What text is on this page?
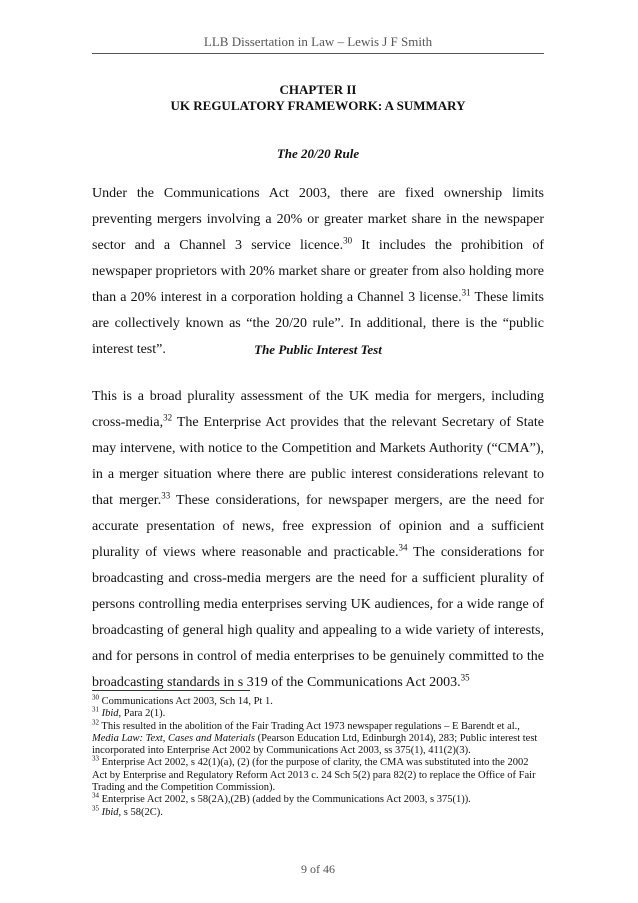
LLB Dissertation in Law – Lewis J F Smith
CHAPTER II
UK REGULATORY FRAMEWORK: A SUMMARY
The 20/20 Rule

Under the Communications Act 2003, there are fixed ownership limits preventing mergers involving a 20% or greater market share in the newspaper sector and a Channel 3 service licence.$^{30}$ It includes the prohibition of newspaper proprietors with 20% market share or greater from also holding more than a 20% interest in a corporation holding a Channel 3 license.$^{31}$ These limits are collectively known as “the 20/20 rule”. In additional, there is the “public interest test”.	The Public Interest Test

This is a broad plurality assessment of the UK media for mergers, including cross-media,$^{32}$ The Enterprise Act provides that the relevant Secretary of State may intervene, with notice to the Competition and Markets Authority (“CMA”), in a merger situation where there are public interest considerations relevant to that merger.$^{33}$ These considerations, for newspaper mergers, are the need for accurate presentation of news, free expression of opinion and a sufficient plurality of views where reasonable and practicable.$^{34}$ The considerations for broadcasting and cross-media mergers are the need for a sufficient plurality of persons controlling media enterprises serving UK audiences, for a wide range of broadcasting of general high quality and appealing to a wide variety of interests, and for persons in control of media enterprises to be genuinely committed to the broadcasting standards in s 319 of the Communications Act 2003.35

$^{30}$ Communications Act 2003, Sch 14, Pt 1.

$^{31}$ Ibid, Para 2(1).

$^{32}$ This resulted in the abolition of the Fair Trading Act 1973 newspaper regulations – E Barendt et al., Media Law: Text, Cases and Materials (Pearson Education Ltd, Edinburgh 2014), 283; Public interest test incorporated into Enterprise Act 2002 by Communications Act 2003, ss 375(1), 411(2)(3).

$^{33}$ Enterprise Act 2002, s 42(1)(a), (2) (for the purpose of clarity, the CMA was substituted into the 2002 Act by Enterprise and Regulatory Reform Act 2013 c. 24 Sch 5(2) para 82(2) to replace the Office of Fair Trading and the Competition Commission).

$^{34}$ Enterprise Act 2002, s 58(2A),(2B) (added by the Communications Act 2003, s 375(1)).

$^{35}$ Ibid, s 58(2C).

9 of 46
